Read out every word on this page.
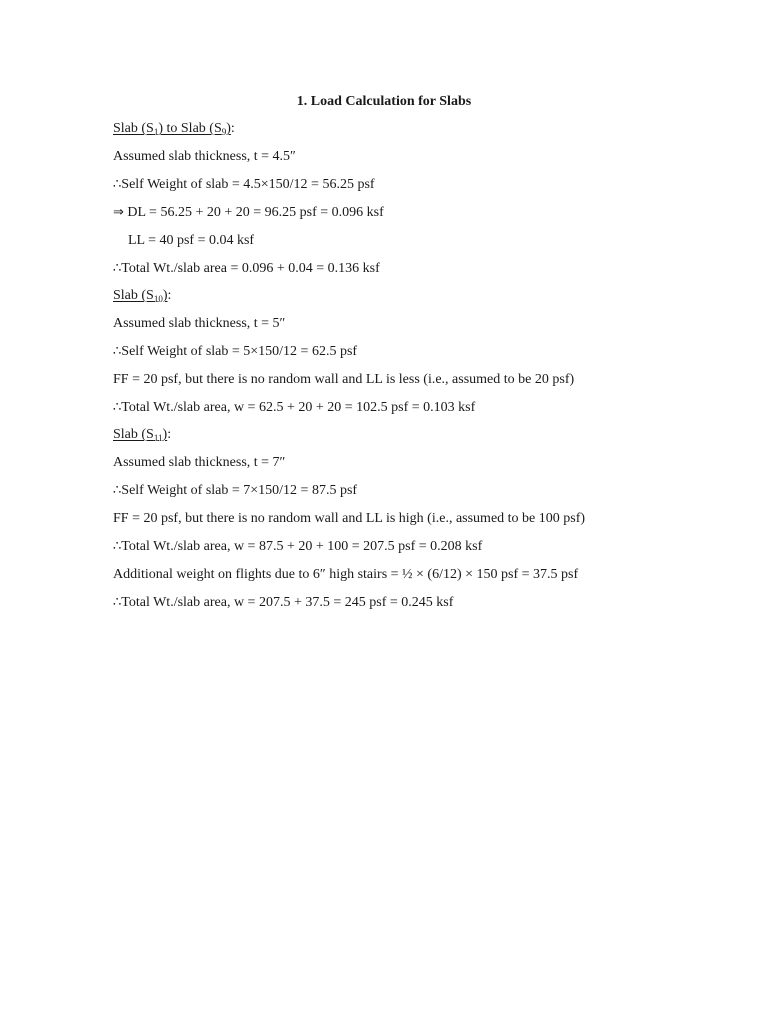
1. Load Calculation for Slabs
Slab $(S_1)$ to Slab $(S_9)$:
Assumed slab thickness, t = 4.5″
∴Self Weight of slab = 4.5×150/12 = 56.25 psf
⇒ DL = 56.25 + 20 + 20 = 96.25 psf = 0.096 ksf
LL = 40 psf = 0.04 ksf
∴Total Wt./slab area = 0.096 + 0.04 = 0.136 ksf
Slab $(S_{10})$:
Assumed slab thickness, t = 5″
∴Self Weight of slab = 5×150/12 = 62.5 psf
FF = 20 psf, but there is no random wall and LL is less (i.e., assumed to be 20 psf)
∴Total Wt./slab area, w = 62.5 + 20 + 20 = 102.5 psf = 0.103 ksf
Slab $(S_{11})$:
Assumed slab thickness, t = 7″
∴Self Weight of slab = 7×150/12 = 87.5 psf
FF = 20 psf, but there is no random wall and LL is high (i.e., assumed to be 100 psf)
∴Total Wt./slab area, w = 87.5 + 20 + 100 = 207.5 psf = 0.208 ksf
Additional weight on flights due to 6″ high stairs = ½ × (6/12) × 150 psf = 37.5 psf
∴Total Wt./slab area, w = 207.5 + 37.5 = 245 psf = 0.245 ksf
